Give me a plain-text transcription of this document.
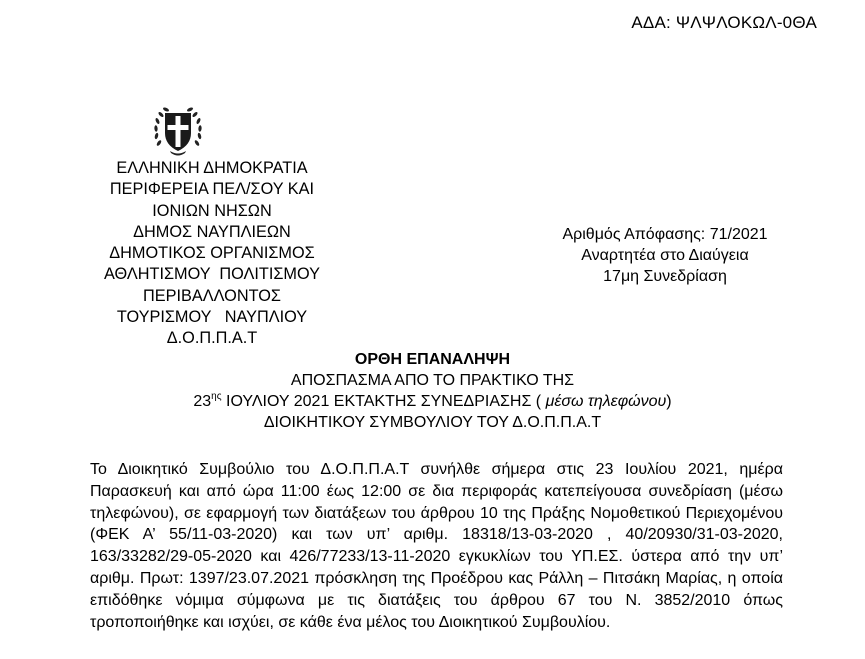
ΑΔΑ: ΨΛΨΛΟΚΩΛ-0ΘΑ
ΕΛΛΗΝΙΚΗ ΔΗΜΟΚΡΑΤΙΑ
ΠΕΡΙΦΕΡΕΙΑ ΠΕΛ/ΣΟΥ ΚΑΙ
ΙΟΝΙΩΝ ΝΗΣΩΝ
ΔΗΜΟΣ ΝΑΥΠΛΙΕΩΝ
ΔΗΜΟΤΙΚΟΣ ΟΡΓΑΝΙΣΜΟΣ
ΑΘΛΗΤΙΣΜΟΥ  ΠΟΛΙΤΙΣΜΟΥ
ΠΕΡΙΒΑΛΛΟΝΤΟΣ
ΤΟΥΡΙΣΜΟΥ   ΝΑΥΠΛΙΟΥ
Δ.Ο.Π.Π.Α.Τ
Αριθμός Απόφασης: 71/2021
Αναρτητέα στο Διαύγεια
17μη Συνεδρίαση
ΟΡΘΗ ΕΠΑΝΑΛΗΨΗ
ΑΠΟΣΠΑΣΜΑ ΑΠΟ ΤΟ ΠΡΑΚΤΙΚΟ ΤΗΣ
$23^{\eta\varsigma}$ ΙΟΥΛΙΟΥ 2021 ΕΚΤΑΚΤΗΣ ΣΥΝΕΔΡΙΑΣΗΣ ( μέσω τηλεφώνου)
ΔΙΟΙΚΗΤΙΚΟΥ ΣΥΜΒΟΥΛΙΟΥ ΤΟΥ Δ.Ο.Π.Π.Α.Τ
Το Διοικητικό Συμβούλιο του Δ.Ο.Π.Π.Α.Τ συνήλθε σήμερα στις 23 Ιουλίου 2021, ημέρα Παρασκευή και από ώρα 11:00 έως 12:00 σε δια περιφοράς κατεπείγουσα συνεδρίαση (μέσω τηλεφώνου), σε εφαρμογή των διατάξεων του άρθρου 10 της Πράξης Νομοθετικού Περιεχομένου (ΦΕΚ Α’ 55/11-03-2020) και των υπ’ αριθμ. 18318/13-03-2020 , 40/20930/31-03-2020, 163/33282/29-05-2020 και 426/77233/13-11-2020 εγκυκλίων του ΥΠ.ΕΣ. ύστερα από την υπ’ αριθμ. Πρωτ: 1397/23.07.2021 πρόσκληση της Προέδρου κας Ράλλη – Πιτσάκη Μαρίας, η οποία επιδόθηκε νόμιμα σύμφωνα με τις διατάξεις του άρθρου 67 του Ν. 3852/2010 όπως τροποποιήθηκε και ισχύει, σε κάθε ένα μέλος του Διοικητικού Συμβουλίου.
